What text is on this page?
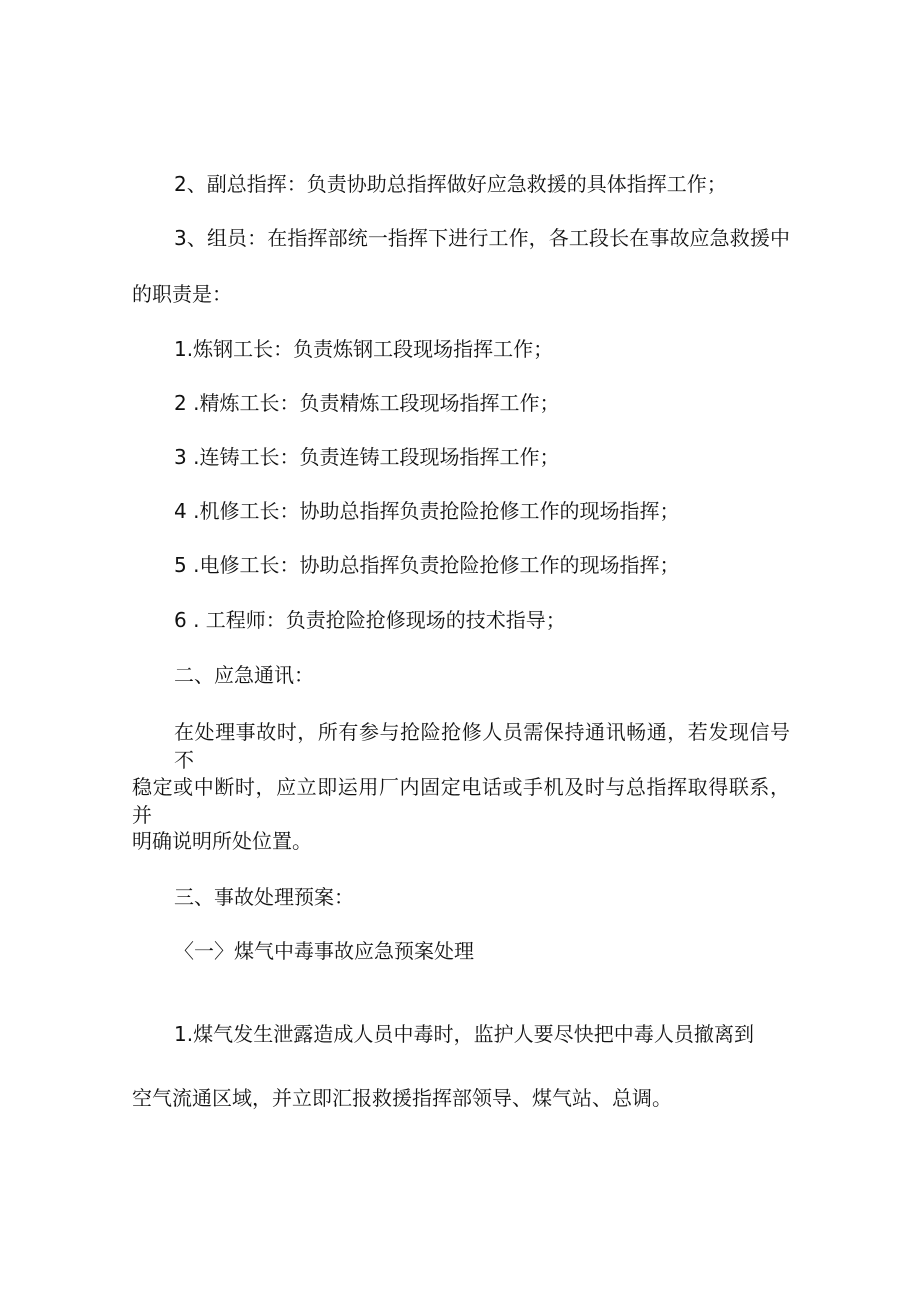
2、副总指挥：负责协助总指挥做好应急救援的具体指挥工作；
3、组员：在指挥部统一指挥下进行工作，各工段长在事故应急救援中
的职责是：
1.炼钢工长：负责炼钢工段现场指挥工作；
2 .精炼工长：负责精炼工段现场指挥工作；
3 .连铸工长：负责连铸工段现场指挥工作；
4 .机修工长：协助总指挥负责抢险抢修工作的现场指挥；
5 .电修工长：协助总指挥负责抢险抢修工作的现场指挥；
6 . 工程师：负责抢险抢修现场的技术指导；
二、应急通讯：
在处理事故时，所有参与抢险抢修人员需保持通讯畅通，若发现信号不
稳定或中断时，应立即运用厂内固定电话或手机及时与总指挥取得联系，并
明确说明所处位置。
三、事故处理预案：
〈一〉煤气中毒事故应急预案处理
1.煤气发生泄露造成人员中毒时，监护人要尽快把中毒人员撤离到
空气流通区域，并立即汇报救援指挥部领导、煤气站、总调。
